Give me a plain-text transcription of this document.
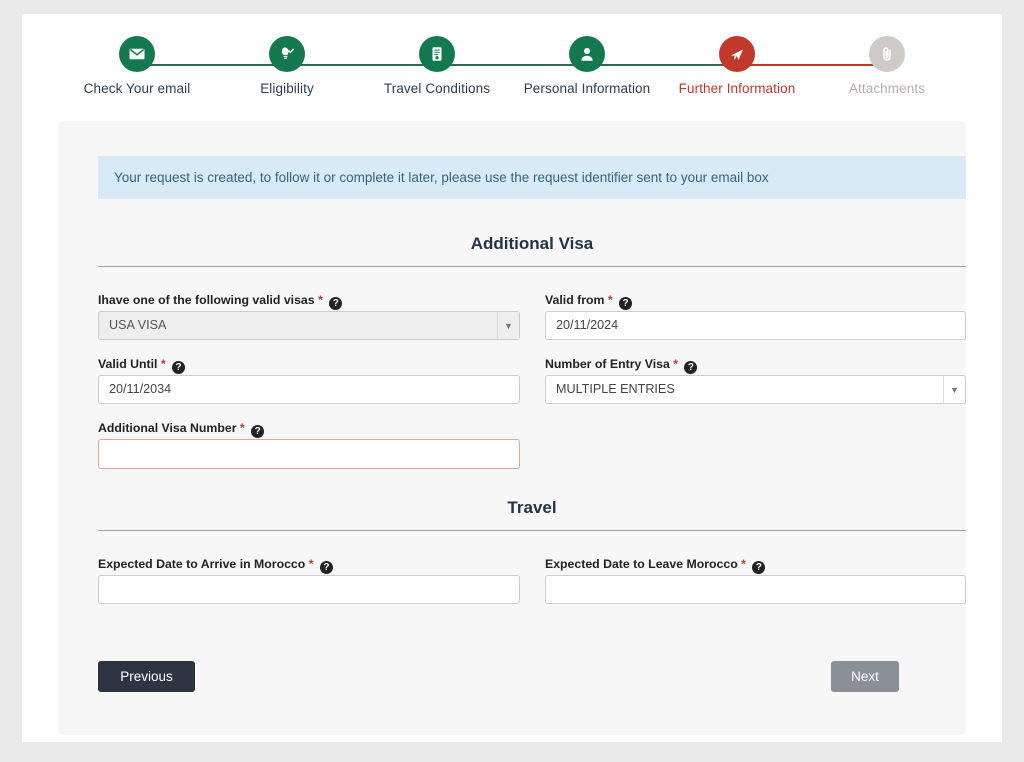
Check Your email	Eligibility	Travel Conditions	Personal Information	Further Information	Attachments
Your request is created, to follow it or complete it later, please use the request identifier sent to your email box
Additional Visa
Ihave one of the following valid visas * ?
USA VISA	▼
Valid from * ?
20/11/2024
Valid Until * ?
20/11/2034
Number of Entry Visa * ?
MULTIPLE ENTRIES	▼
Additional Visa Number * ?
Travel
Expected Date to Arrive in Morocco * ?	Expected Date to Leave Morocco * ?
Previous	Next
